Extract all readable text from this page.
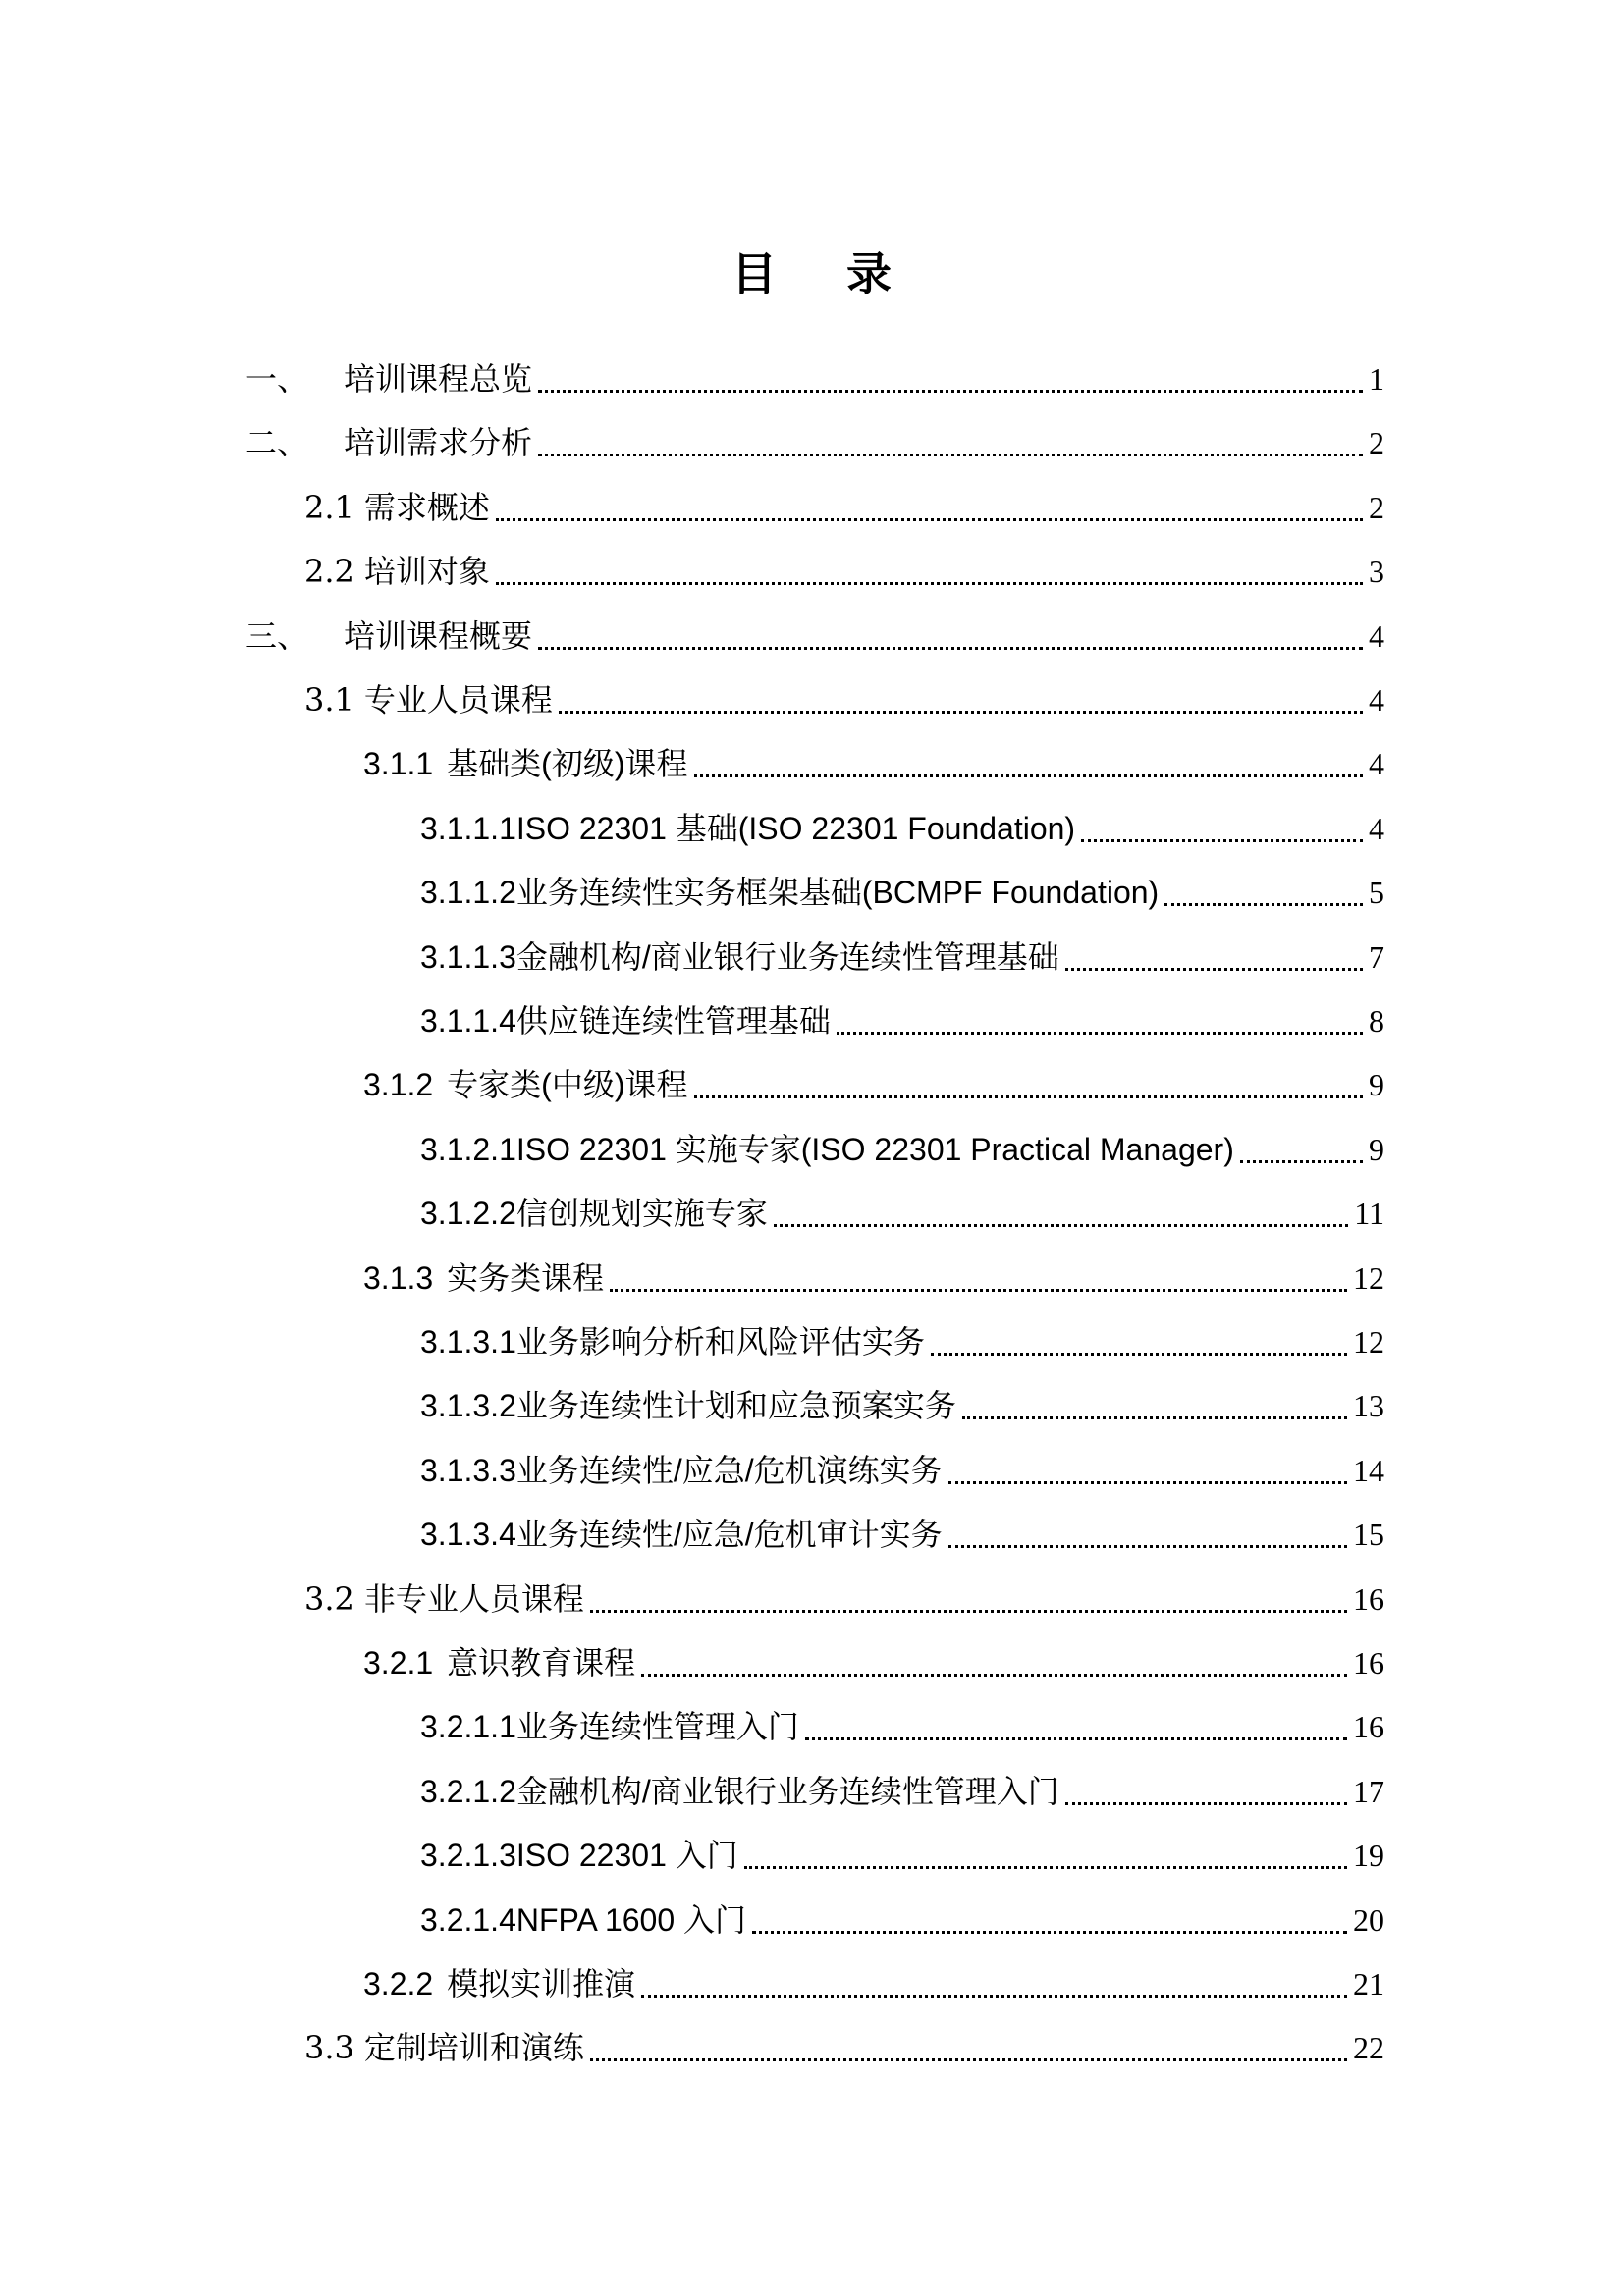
目 录
一、	培训课程总览	1
二、	培训需求分析	2
2.1 需求概述	2
2.2 培训对象	3
三、	培训课程概要	4
3.1 专业人员课程	4
3.1.1 基础类(初级)课程	4
3.1.1.1 ISO 22301 基础(ISO 22301 Foundation)	4
3.1.1.2 业务连续性实务框架基础(BCMPF Foundation)	5
3.1.1.3 金融机构/商业银行业务连续性管理基础	7
3.1.1.4 供应链连续性管理基础	8
3.1.2 专家类(中级)课程	9
3.1.2.1 ISO 22301 实施专家(ISO 22301 Practical Manager)	9
3.1.2.2 信创规划实施专家	11
3.1.3 实务类课程	12
3.1.3.1 业务影响分析和风险评估实务	12
3.1.3.2 业务连续性计划和应急预案实务	13
3.1.3.3 业务连续性/应急/危机演练实务	14
3.1.3.4 业务连续性/应急/危机审计实务	15
3.2 非专业人员课程	16
3.2.1 意识教育课程	16
3.2.1.1 业务连续性管理入门	16
3.2.1.2 金融机构/商业银行业务连续性管理入门	17
3.2.1.3 ISO 22301 入门	19
3.2.1.4 NFPA 1600 入门	20
3.2.2 模拟实训推演	21
3.3 定制培训和演练	22
